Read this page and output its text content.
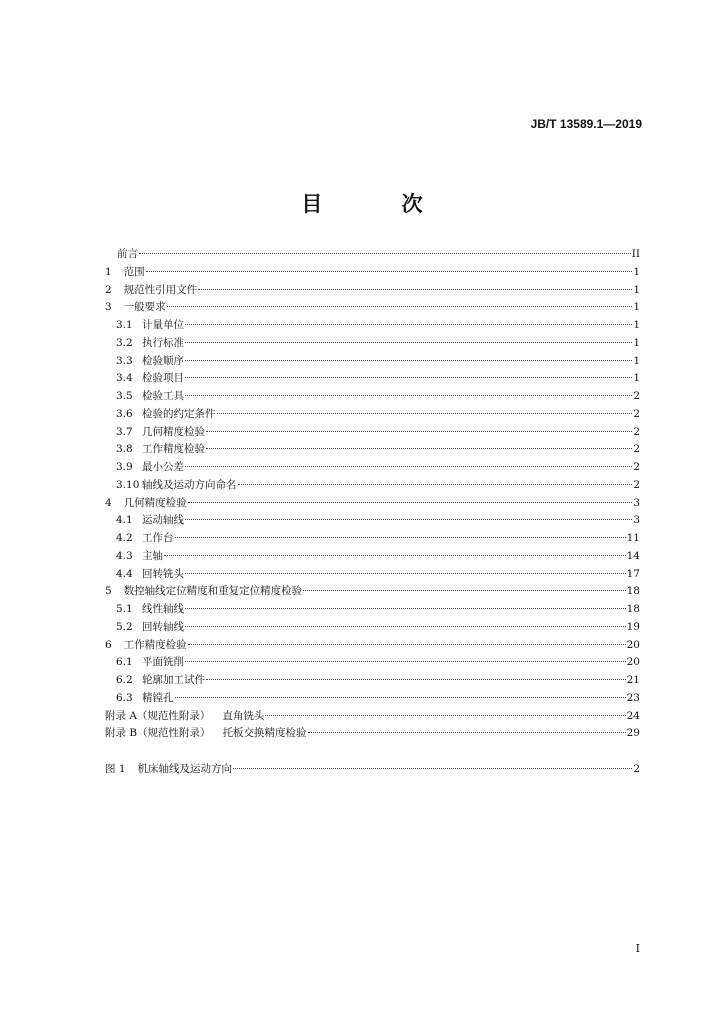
JB/T 13589.1—2019
目 次
前言	II
1 范围	1
2 规范性引用文件	1
3 一般要求	1
3.1 计量单位	1
3.2 执行标准	1
3.3 检验顺序	1
3.4 检验项目	1
3.5 检验工具	2
3.6 检验的约定条件	2
3.7 几何精度检验	2
3.8 工作精度检验	2
3.9 最小公差	2
3.10 轴线及运动方向命名	2
4 几何精度检验	3
4.1 运动轴线	3
4.2 工作台	11
4.3 主轴	14
4.4 回转铣头	17
5 数控轴线定位精度和重复定位精度检验	18
5.1 线性轴线	18
5.2 回转轴线	19
6 工作精度检验	20
6.1 平面铣削	20
6.2 轮廓加工试件	21
6.3 精镗孔	23
附录 A（规范性附录） 直角铣头	24
附录 B（规范性附录） 托板交换精度检验	29
图 1 机床轴线及运动方向	2
I
